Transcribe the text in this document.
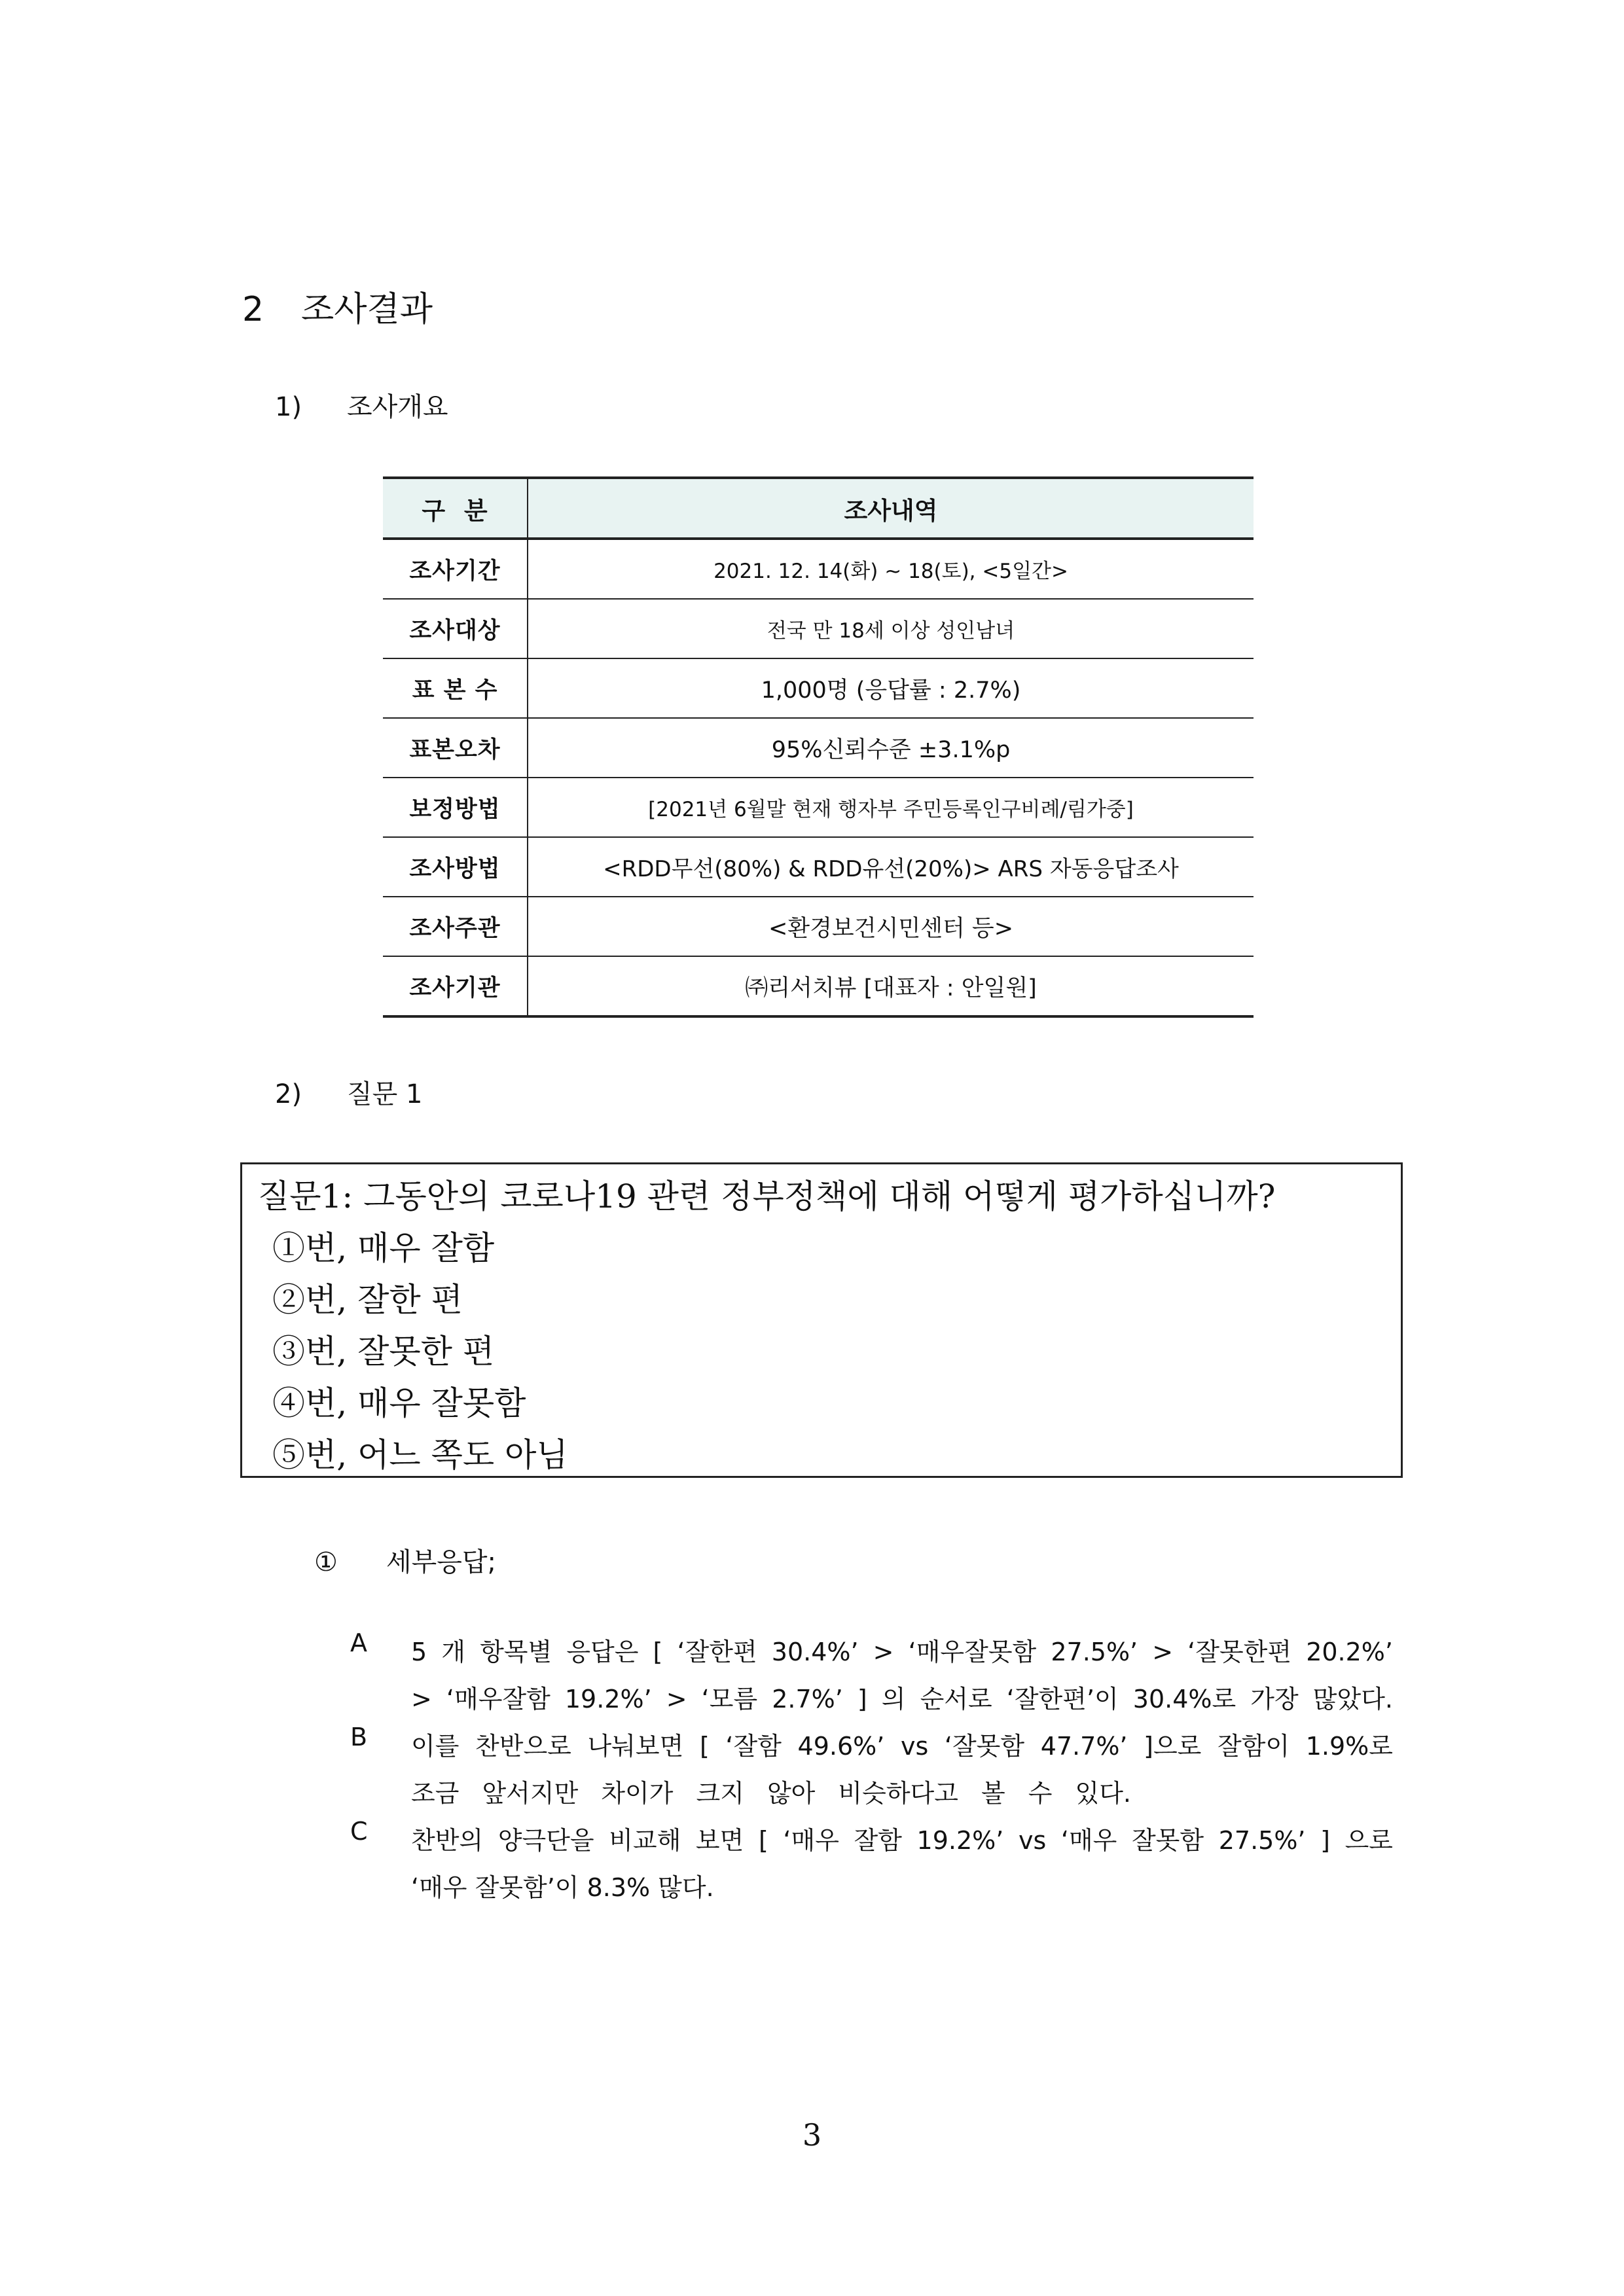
2 조사결과
1) 조사개요
구  분	조사내역
조사기간	2021. 12. 14(화) ~ 18(토), <5일간>
조사대상	전국 만 18세 이상 성인남녀
표 본 수	1,000명 (응답률 : 2.7%)
표본오차	95%신뢰수준 ±3.1%p
보정방법	[2021년 6월말 현재 행자부 주민등록인구비례/림가중]
조사방법	<RDD무선(80%) & RDD유선(20%)> ARS 자동응답조사
조사주관	<환경보건시민센터 등>
조사기관	㈜리서치뷰 [대표자 : 안일원]
2) 질문 1
질문1: 그동안의 코로나19 관련 정부정책에 대해 어떻게 평가하십니까?
①번, 매우 잘함
②번, 잘한 편
③번, 잘못한 편
④번, 매우 잘못함
⑤번, 어느 쪽도 아님
① 세부응답;
A	5 개 항목별 응답은 [ ‘잘한편 30.4%’ > ‘매우잘못함 27.5%’ > ‘잘못한편 20.2%’
> ‘매우잘함 19.2%’ > ‘모름 2.7%’ ] 의 순서로 ‘잘한편’이 30.4%로 가장 많았다.
B	이를 찬반으로 나눠보면 [ ‘잘함 49.6%’ vs ‘잘못함 47.7%’ ]으로 잘함이 1.9%로
조금 앞서지만 차이가 크지 않아 비슷하다고 볼 수 있다.
C	찬반의 양극단을 비교해 보면 [ ‘매우 잘함 19.2%’ vs ‘매우 잘못함 27.5%’ ] 으로
‘매우 잘못함’이 8.3% 많다.
3
